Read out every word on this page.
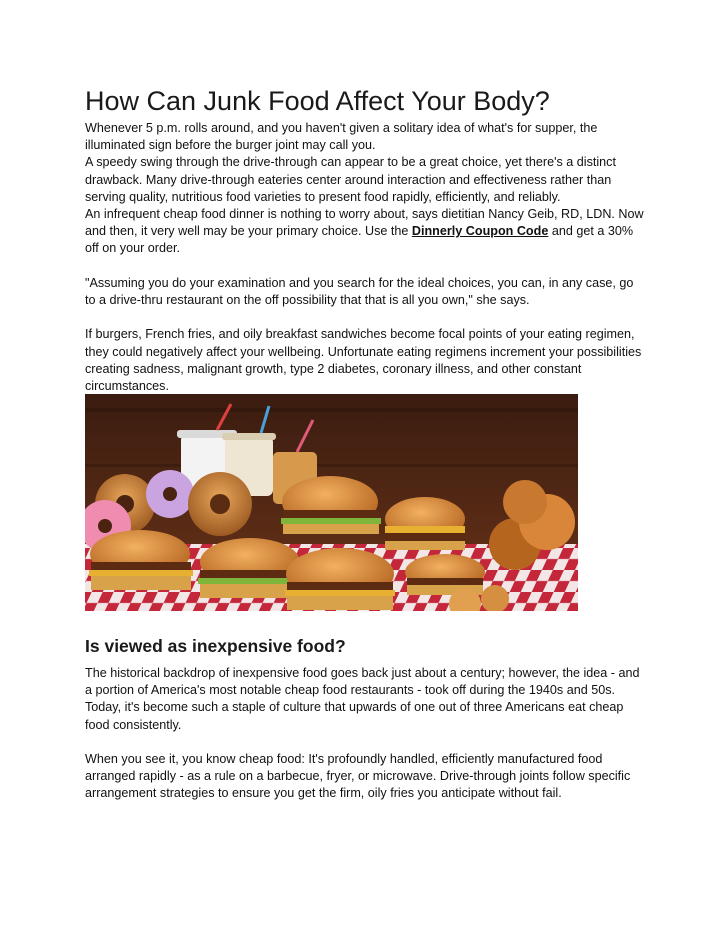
How Can Junk Food Affect Your Body?

Whenever 5 p.m. rolls around, and you haven't given a solitary idea of what's for supper, the illuminated sign before the burger joint may call you.

A speedy swing through the drive-through can appear to be a great choice, yet there's a distinct drawback. Many drive-through eateries center around interaction and effectiveness rather than serving quality, nutritious food varieties to present food rapidly, efficiently, and reliably.

An infrequent cheap food dinner is nothing to worry about, says dietitian Nancy Geib, RD, LDN. Now and then, it very well may be your primary choice. Use the Dinnerly Coupon Code and get a 30% off on your order.

"Assuming you do your examination and you search for the ideal choices, you can, in any case, go to a drive-thru restaurant on the off possibility that that is all you own," she says.

If burgers, French fries, and oily breakfast sandwiches become focal points of your eating regimen, they could negatively affect your wellbeing. Unfortunate eating regimens increment your possibilities creating sadness, malignant growth, type 2 diabetes, coronary illness, and other constant circumstances.

Is viewed as inexpensive food?

The historical backdrop of inexpensive food goes back just about a century; however, the idea - and a portion of America's most notable cheap food restaurants - took off during the 1940s and 50s. Today, it's become such a staple of culture that upwards of one out of three Americans eat cheap food consistently.

When you see it, you know cheap food: It's profoundly handled, efficiently manufactured food arranged rapidly - as a rule on a barbecue, fryer, or microwave. Drive-through joints follow specific arrangement strategies to ensure you get the firm, oily fries you anticipate without fail.
